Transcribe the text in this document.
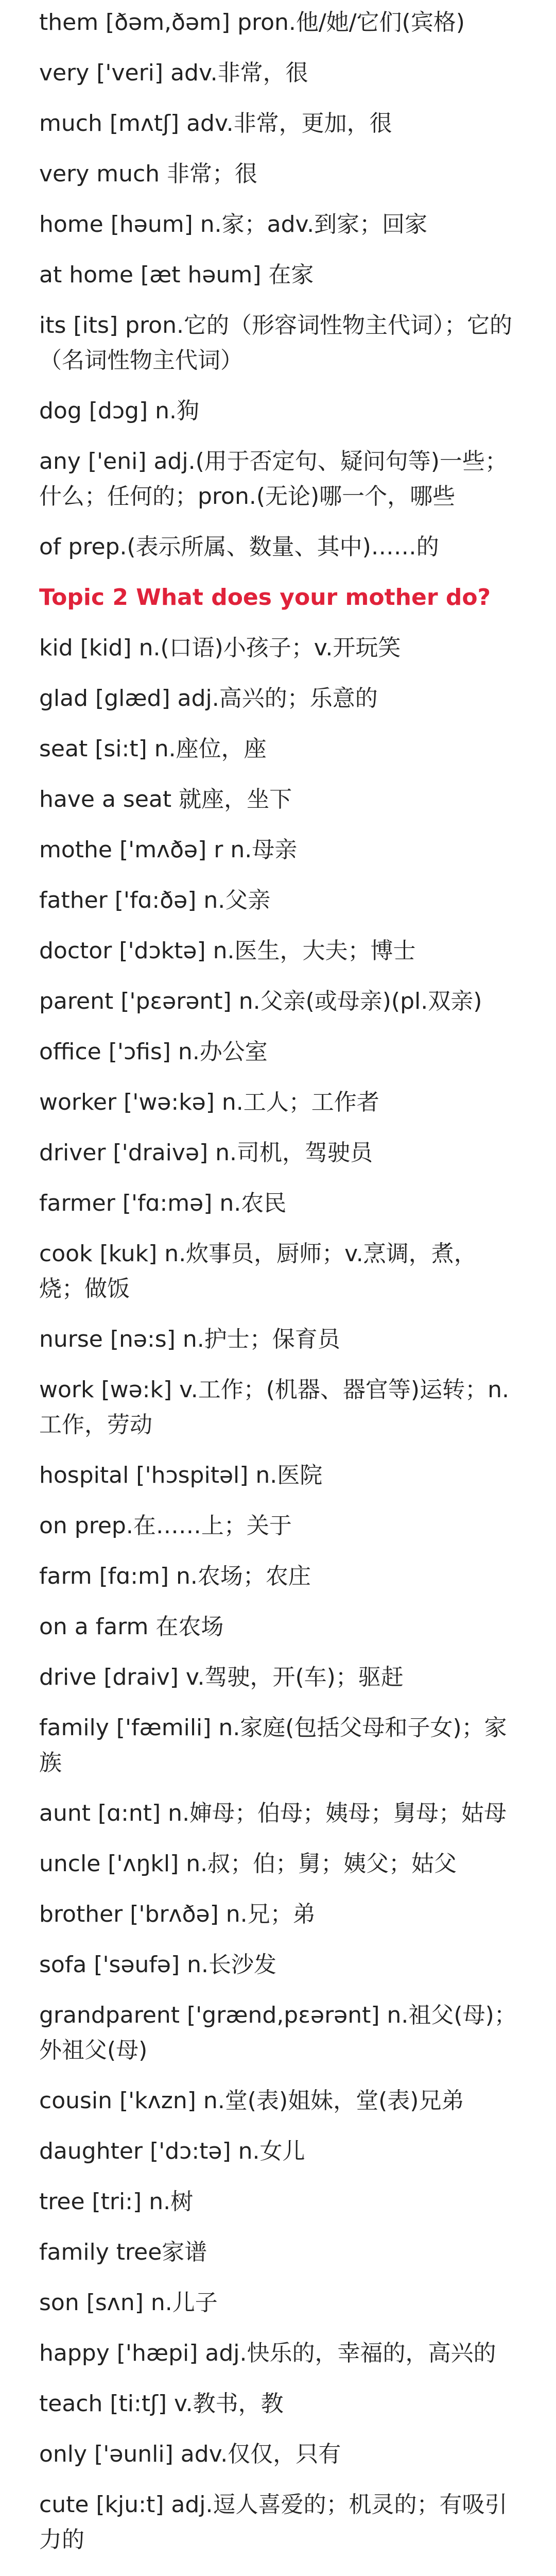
them [ðəm,ðəm] pron.他/她/它们(宾格)
very ['veri] adv.非常，很
much [mʌtʃ] adv.非常，更加，很
very much 非常；很
home [həum] n.家；adv.到家；回家
at home [æt həum] 在家
its [its] pron.它的（形容词性物主代词）；它的（名词性物主代词）
dog [dɔg] n.狗
any ['eni] adj.(用于否定句、疑问句等)一些；什么；任何的；pron.(无论)哪一个，哪些
of prep.(表示所属、数量、其中)……的
Topic 2 What does your mother do?
kid [kid] n.(口语)小孩子；v.开玩笑
glad [glæd] adj.高兴的；乐意的
seat [si:t] n.座位，座
have a seat 就座，坐下
mothe ['mʌðə] r n.母亲
father ['fɑ:ðə] n.父亲
doctor ['dɔktə] n.医生，大夫；博士
parent ['pɛərənt] n.父亲(或母亲)(pl.双亲)
office ['ɔfis] n.办公室
worker ['wə:kə] n.工人；工作者
driver ['draivə] n.司机，驾驶员
farmer ['fɑ:mə] n.农民
cook [kuk] n.炊事员，厨师；v.烹调，煮，烧；做饭
nurse [nə:s] n.护士；保育员
work [wə:k] v.工作；(机器、器官等)运转；n.工作，劳动
hospital ['hɔspitəl] n.医院
on prep.在……上；关于
farm [fɑ:m] n.农场；农庄
on a farm 在农场
drive [draiv] v.驾驶，开(车)；驱赶
family ['fæmili] n.家庭(包括父母和子女)；家族
aunt [ɑ:nt] n.婶母；伯母；姨母；舅母；姑母
uncle ['ʌŋkl] n.叔；伯；舅；姨父；姑父
brother ['brʌðə] n.兄；弟
sofa ['səufə] n.长沙发
grandparent ['grænd,pɛərənt] n.祖父(母)；外祖父(母)
cousin ['kʌzn] n.堂(表)姐妹，堂(表)兄弟
daughter ['dɔ:tə] n.女儿
tree [tri:] n.树
family tree家谱
son [sʌn] n.儿子
happy ['hæpi] adj.快乐的，幸福的，高兴的
teach [ti:tʃ] v.教书，教
only ['əunli] adv.仅仅，只有
cute [kju:t] adj.逗人喜爱的；机灵的；有吸引力的
